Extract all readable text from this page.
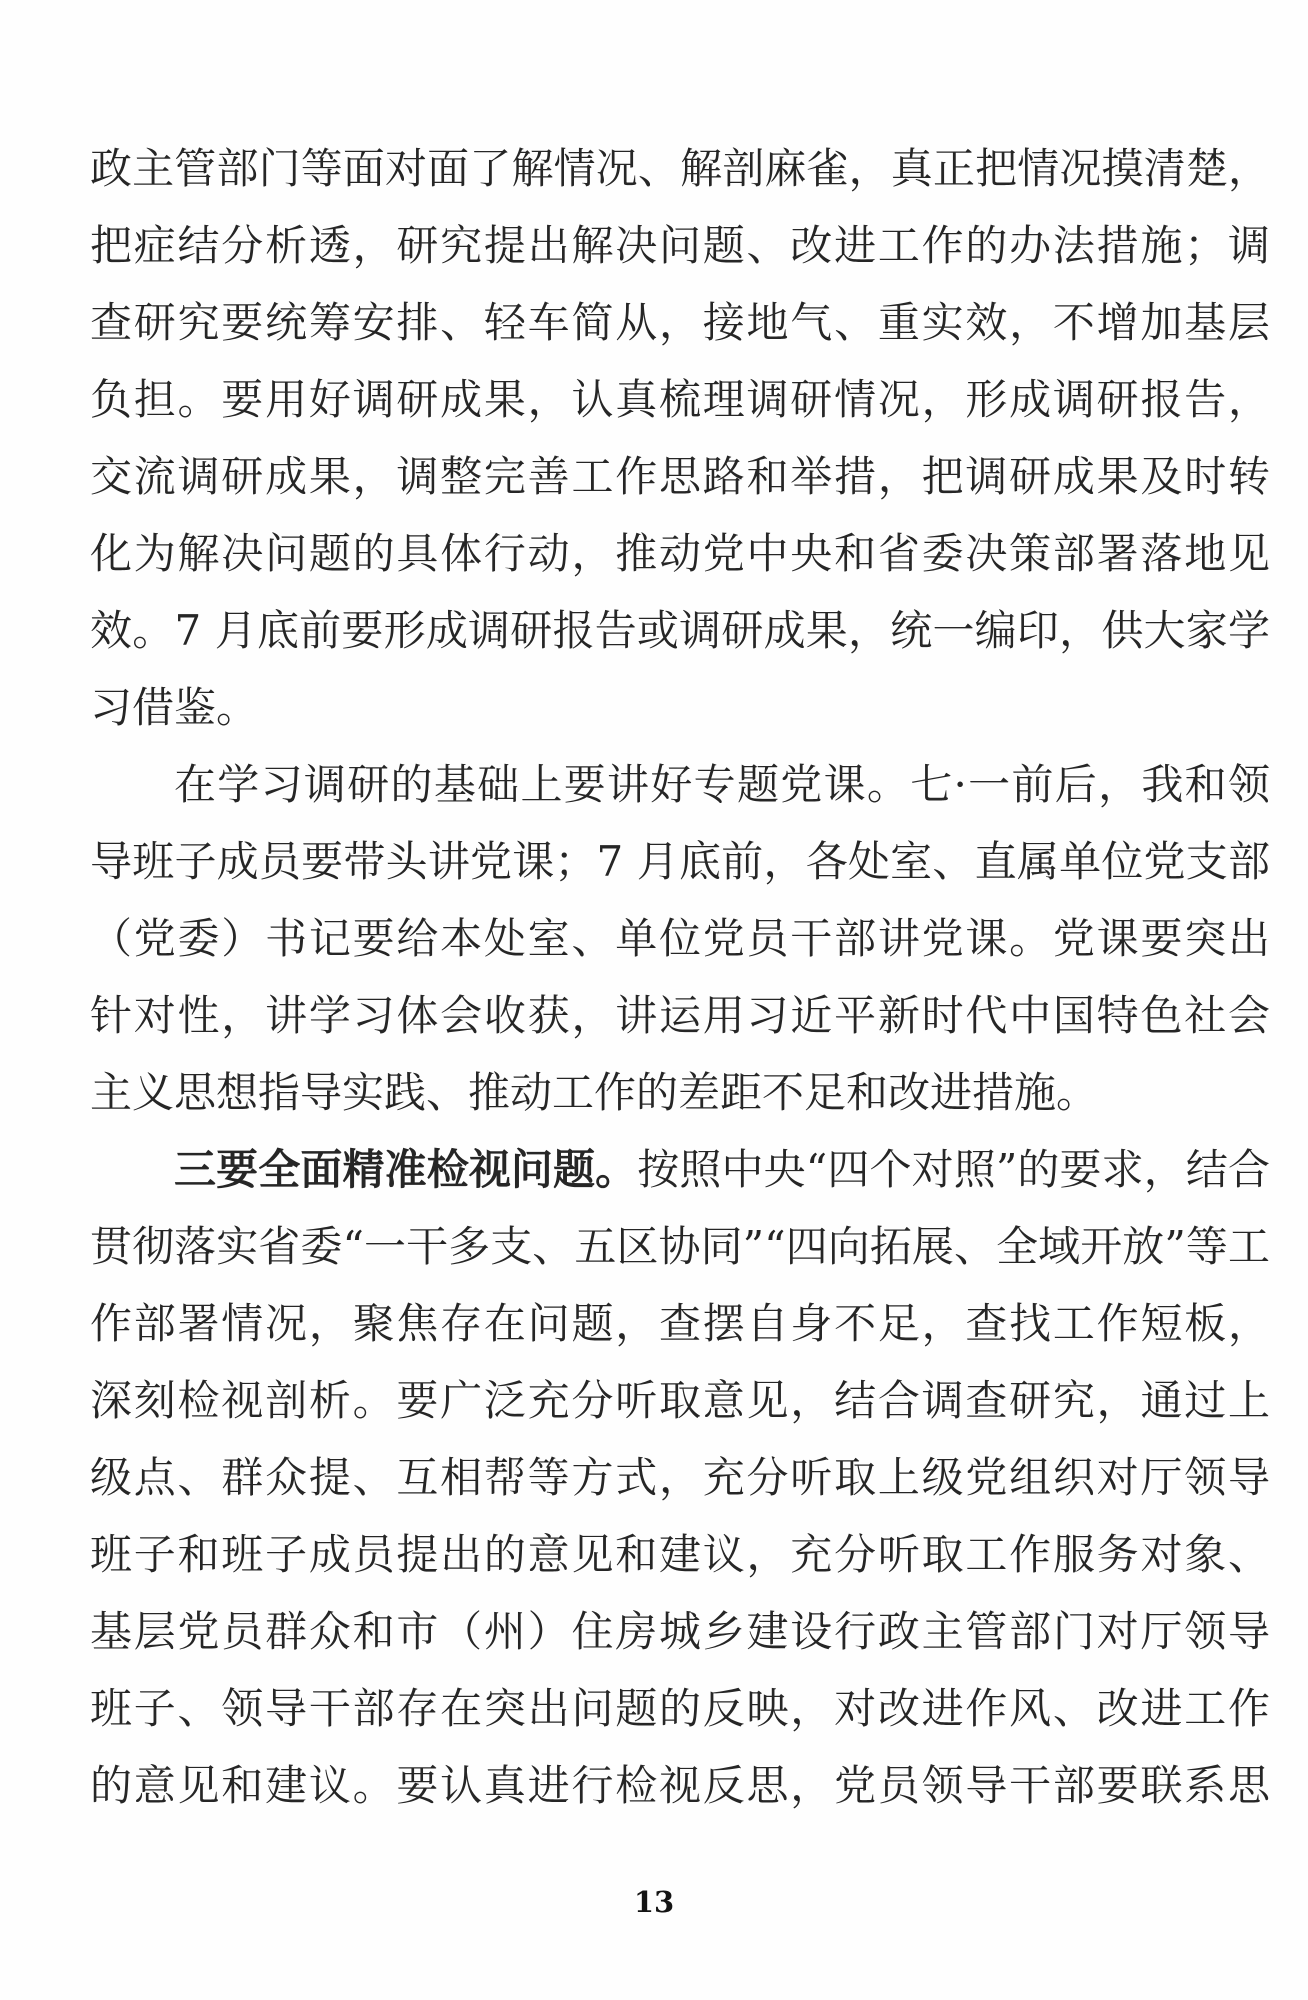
政主管部门等面对面了解情况、解剖麻雀，真正把情况摸清楚，
把症结分析透，研究提出解决问题、改进工作的办法措施；调
查研究要统筹安排、轻车简从，接地气、重实效，不增加基层
负担。要用好调研成果，认真梳理调研情况，形成调研报告，
交流调研成果，调整完善工作思路和举措，把调研成果及时转
化为解决问题的具体行动，推动党中央和省委决策部署落地见
效。7 月底前要形成调研报告或调研成果，统一编印，供大家学
习借鉴。
在学习调研的基础上要讲好专题党课。七·一前后，我和领
导班子成员要带头讲党课；7 月底前，各处室、直属单位党支部
（党委）书记要给本处室、单位党员干部讲党课。党课要突出
针对性，讲学习体会收获，讲运用习近平新时代中国特色社会
主义思想指导实践、推动工作的差距不足和改进措施。
三要全面精准检视问题。按照中央“四个对照”的要求，结合
贯彻落实省委“一干多支、五区协同”“四向拓展、全域开放”等工
作部署情况，聚焦存在问题，查摆自身不足，查找工作短板，
深刻检视剖析。要广泛充分听取意见，结合调查研究，通过上
级点、群众提、互相帮等方式，充分听取上级党组织对厅领导
班子和班子成员提出的意见和建议，充分听取工作服务对象、
基层党员群众和市（州）住房城乡建设行政主管部门对厅领导
班子、领导干部存在突出问题的反映，对改进作风、改进工作
的意见和建议。要认真进行检视反思，党员领导干部要联系思
13
